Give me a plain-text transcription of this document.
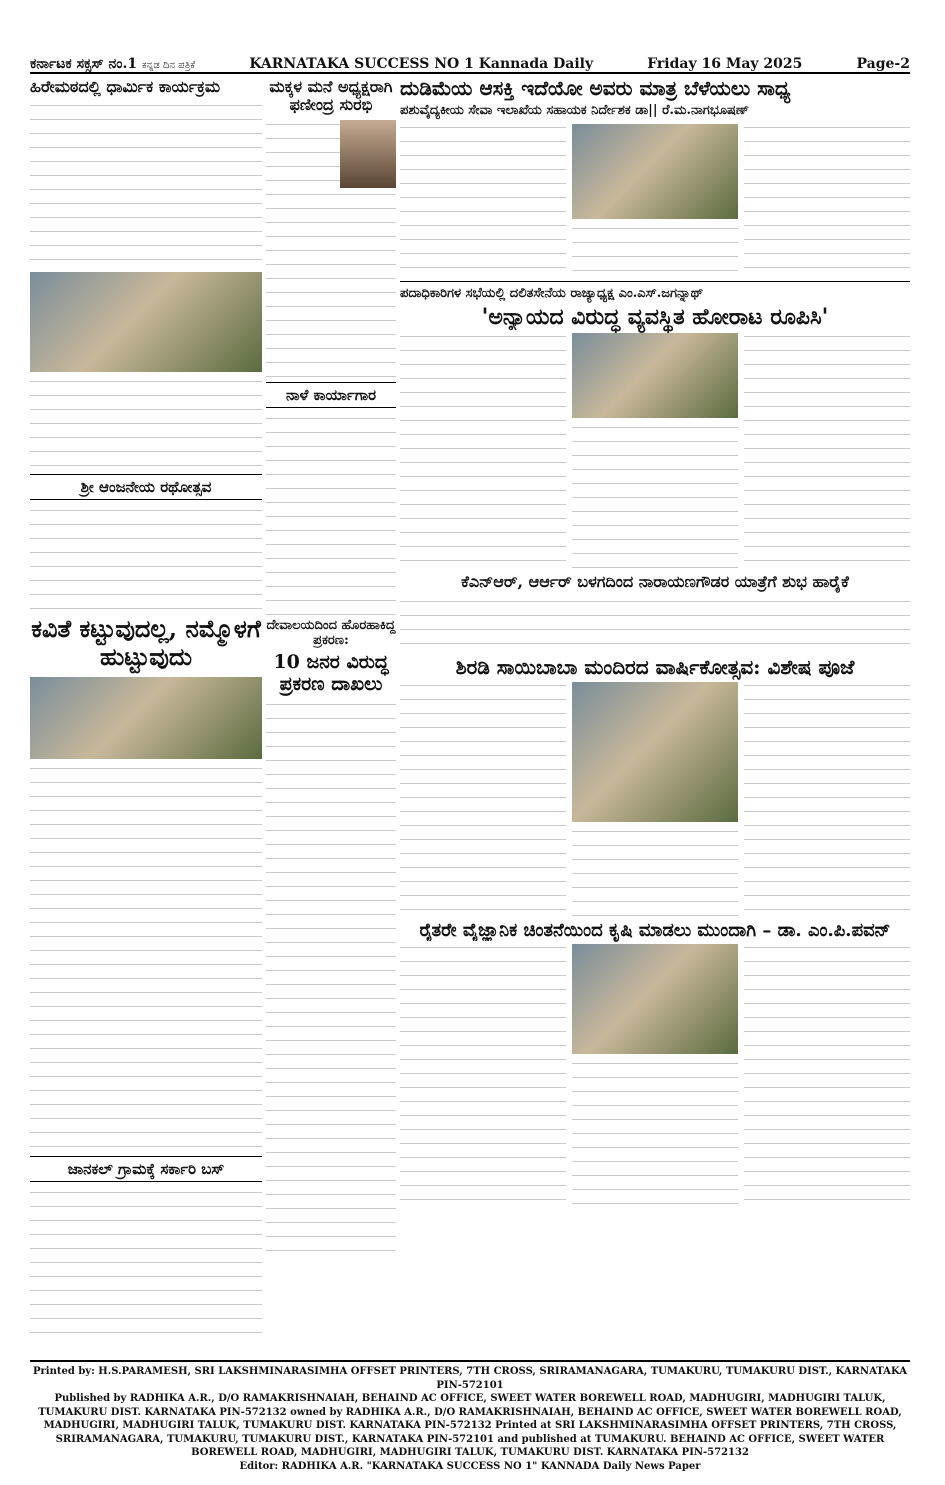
ಕರ್ನಾಟಕ ಸಕ್ಸಸ್ ನಂ.1 ಕನ್ನಡ ದಿನ ಪತ್ರಿಕೆ	KARNATAKA SUCCESS NO 1 Kannada Daily	Friday 16 May 2025	Page-2
ಹಿರೇಮಠದಲ್ಲಿ ಧಾರ್ಮಿಕ ಕಾರ್ಯಕ್ರಮ
ಶ್ರೀ ಆಂಜನೇಯ ರಥೋತ್ಸವ
ಕವಿತೆ ಕಟ್ಟುವುದಲ್ಲ, ನಮ್ಮೊಳಗೆ ಹುಟ್ಟುವುದು
ಜಾನಕಲ್ ಗ್ರಾಮಕ್ಕೆ ಸರ್ಕಾರಿ ಬಸ್
ಮಕ್ಕಳ ಮನೆ ಅಧ್ಯಕ್ಷರಾಗಿ ಫಣೀಂದ್ರ ಸುರಭಿ
ನಾಳೆ ಕಾರ್ಯಾಗಾರ
ದೇವಾಲಯದಿಂದ ಹೊರಹಾಕಿದ್ದ ಪ್ರಕರಣ:
10 ಜನರ ವಿರುದ್ಧ ಪ್ರಕರಣ ದಾಖಲು
ದುಡಿಮೆಯ ಆಸಕ್ತಿ ಇದೆಯೋ ಅವರು ಮಾತ್ರ ಬೆಳೆಯಲು ಸಾಧ್ಯ
ಪಶುವೈದ್ಯಕೀಯ ಸೇವಾ ಇಲಾಖೆಯ ಸಹಾಯಕ ನಿರ್ದೇಶಕ ಡಾ|| ರೆ.ಮ.ನಾಗಭೂಷಣ್
ಪದಾಧಿಕಾರಿಗಳ ಸಭೆಯಲ್ಲಿ ದಲಿತಸೇನೆಯ ರಾಜ್ಯಾಧ್ಯಕ್ಷ ಎಂ.ಎಸ್.ಜಗನ್ನಾಥ್
'ಅನ್ಯಾಯದ ವಿರುದ್ಧ ವ್ಯವಸ್ಥಿತ ಹೋರಾಟ ರೂಪಿಸಿ'
ಕೆಎನ್ಆರ್, ಆರ್ಆರ್ ಬಳಗದಿಂದ ನಾರಾಯಣಗೌಡರ ಯಾತ್ರೆಗೆ ಶುಭ ಹಾರೈಕೆ
ಶಿರಡಿ ಸಾಯಿಬಾಬಾ ಮಂದಿರದ ವಾರ್ಷಿಕೋತ್ಸವ: ವಿಶೇಷ ಪೂಜೆ
ರೈತರೇ ವೈಜ್ಞಾನಿಕ ಚಿಂತನೆಯಿಂದ ಕೃಷಿ ಮಾಡಲು ಮುಂದಾಗಿ – ಡಾ. ಎಂ.ಪಿ.ಪವನ್
Printed by: H.S.PARAMESH, SRI LAKSHMINARASIMHA OFFSET PRINTERS, 7TH CROSS, SRIRAMANAGARA, TUMAKURU, TUMAKURU DIST., KARNATAKA PIN-572101
Published by RADHIKA A.R., D/O RAMAKRISHNAIAH, BEHAIND AC OFFICE, SWEET WATER BOREWELL ROAD, MADHUGIRI, MADHUGIRI TALUK, TUMAKURU DIST. KARNATAKA PIN-572132 owned by RADHIKA A.R., D/O RAMAKRISHNAIAH, BEHAIND AC OFFICE, SWEET WATER BOREWELL ROAD, MADHUGIRI, MADHUGIRI TALUK, TUMAKURU DIST. KARNATAKA PIN-572132 Printed at SRI LAKSHMINARASIMHA OFFSET PRINTERS, 7TH CROSS, SRIRAMANAGARA, TUMAKURU, TUMAKURU DIST., KARNATAKA PIN-572101 and published at TUMAKURU. BEHAIND AC OFFICE, SWEET WATER BOREWELL ROAD, MADHUGIRI, MADHUGIRI TALUK, TUMAKURU DIST. KARNATAKA PIN-572132
Editor: RADHIKA A.R. "KARNATAKA SUCCESS NO 1" KANNADA Daily News Paper
